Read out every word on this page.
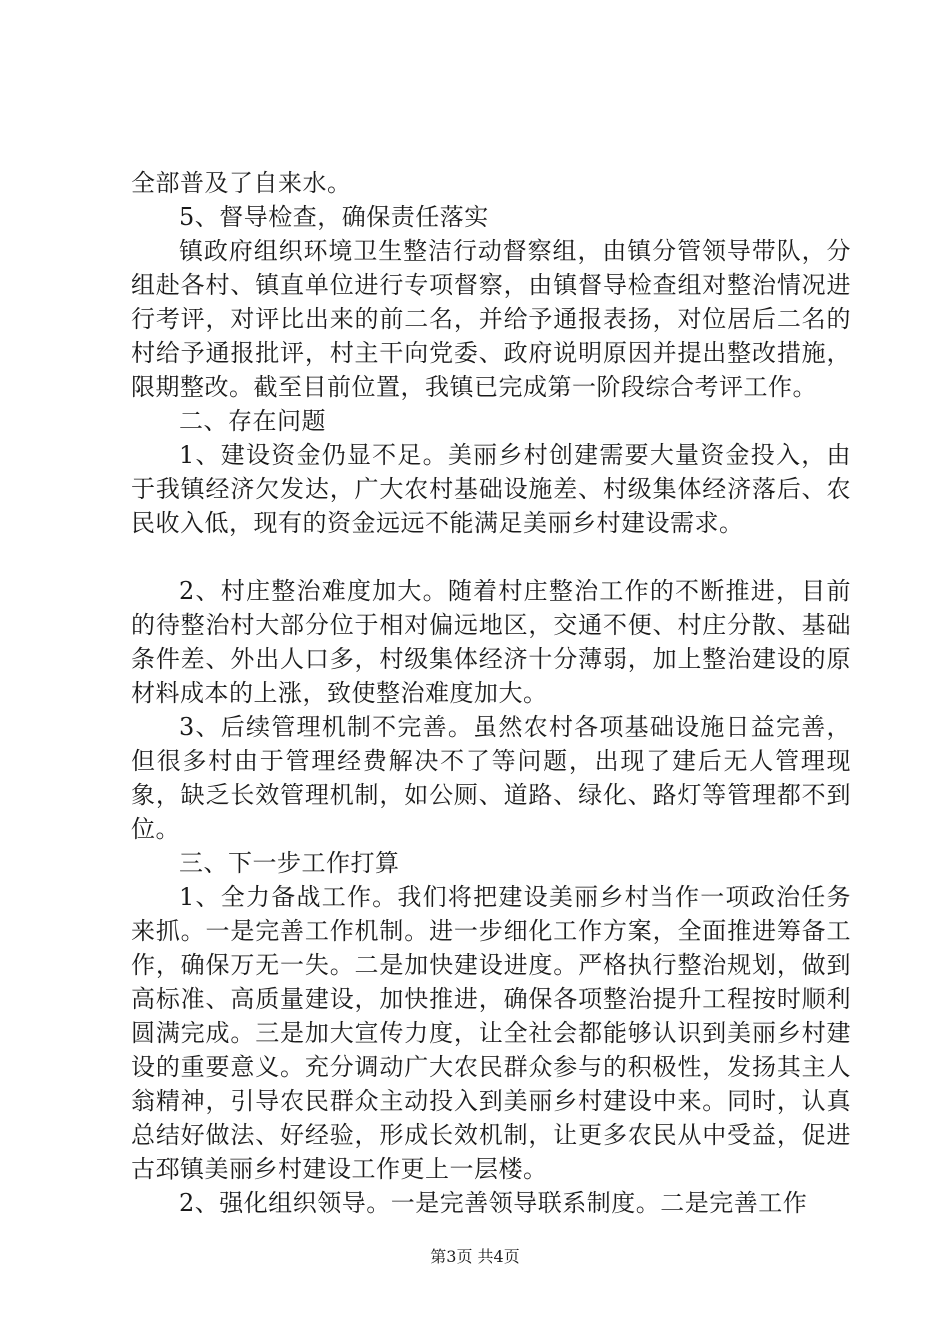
全部普及了自来水。

5、督导检查，确保责任落实

镇政府组织环境卫生整洁行动督察组，由镇分管领导带队，分组赴各村、镇直单位进行专项督察，由镇督导检查组对整治情况进行考评，对评比出来的前二名，并给予通报表扬，对位居后二名的村给予通报批评，村主干向党委、政府说明原因并提出整改措施，限期整改。截至目前位置，我镇已完成第一阶段综合考评工作。

二、存在问题

1、建设资金仍显不足。美丽乡村创建需要大量资金投入，由于我镇经济欠发达，广大农村基础设施差、村级集体经济落后、农民收入低，现有的资金远远不能满足美丽乡村建设需求。

2、村庄整治难度加大。随着村庄整治工作的不断推进，目前的待整治村大部分位于相对偏远地区，交通不便、村庄分散、基础条件差、外出人口多，村级集体经济十分薄弱，加上整治建设的原材料成本的上涨，致使整治难度加大。

3、后续管理机制不完善。虽然农村各项基础设施日益完善，但很多村由于管理经费解决不了等问题，出现了建后无人管理现象，缺乏长效管理机制，如公厕、道路、绿化、路灯等管理都不到位。

三、下一步工作打算

1、全力备战工作。我们将把建设美丽乡村当作一项政治任务来抓。一是完善工作机制。进一步细化工作方案，全面推进筹备工作，确保万无一失。二是加快建设进度。严格执行整治规划，做到高标准、高质量建设，加快推进，确保各项整治提升工程按时顺利圆满完成。三是加大宣传力度，让全社会都能够认识到美丽乡村建设的重要意义。充分调动广大农民群众参与的积极性，发扬其主人翁精神，引导农民群众主动投入到美丽乡村建设中来。同时，认真总结好做法、好经验，形成长效机制，让更多农民从中受益，促进古邳镇美丽乡村建设工作更上一层楼。

2、强化组织领导。一是完善领导联系制度。二是完善工作

第3页 共4页
